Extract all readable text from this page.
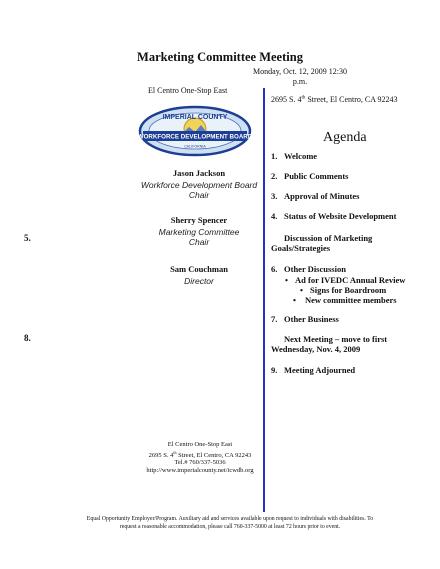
Marketing Committee Meeting
Monday, Oct. 12, 2009 12:30
p.m.
El Centro One-Stop East
2695 S. 4th Street, El Centro, CA 92243
IMPERIAL COUNTY
WORKFORCE DEVELOPMENT BOARD
CALIFORNIA
Jason Jackson
Workforce Development Board
Chair
Sherry Spencer
Marketing Committee
Chair
Sam Couchman
Director
5.
8.
Agenda
1. Welcome
2. Public Comments
3. Approval of Minutes
4. Status of Website Development
Discussion of Marketing
Goals/Strategies
6. Other Discussion
• Ad for IVEDC Annual Review
• Signs for Boardroom
• New committee members
7. Other Business
Next Meeting – move to first
Wednesday, Nov. 4, 2009
9. Meeting Adjourned
El Centro One-Stop East
2695 S. 4th Street, El Centro, CA 92243
Tel.# 760/337-5036
http://www.imperialcounty.net/icwdb.org
Equal Opportunity Employer/Program. Auxiliary aid and services available upon request to individuals with disabilities. To
request a reasonable accommodation, please call 760-337-5000 at least 72 hours prior to event.
